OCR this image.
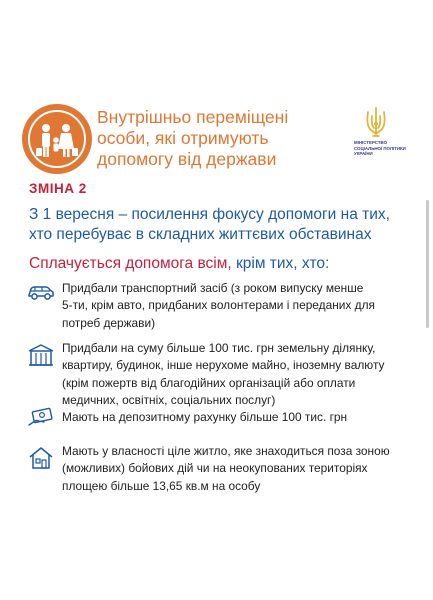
Внутрішньо переміщені
особи, які отримують
допомогу від держави
МІНІСТЕРСТВО
СОЦІАЛЬНОЇ ПОЛІТИКИ
УКРАЇНИ
ЗМІНА 2
З 1 вересня – посилення фокусу допомоги на тих,
хто перебуває в складних життєвих обставинах
Сплачується допомога всім, крім тих, хто:
Придбали транспортний засіб (з роком випуску менше
5-ти, крім авто, придбаних волонтерами і переданих для
потреб держави)
Придбали на суму більше 100 тис. грн земельну ділянку,
квартиру, будинок, інше нерухоме майно, іноземну валюту
(крім пожертв від благодійних організацій або оплати
медичних, освітніх, соціальних послуг)
Мають на депозитному рахунку більше 100 тис. грн
Мають у власності ціле житло, яке знаходиться поза зоною
(можливих) бойових дій чи на неокупованих територіях
площею більше 13,65 кв.м на особу
